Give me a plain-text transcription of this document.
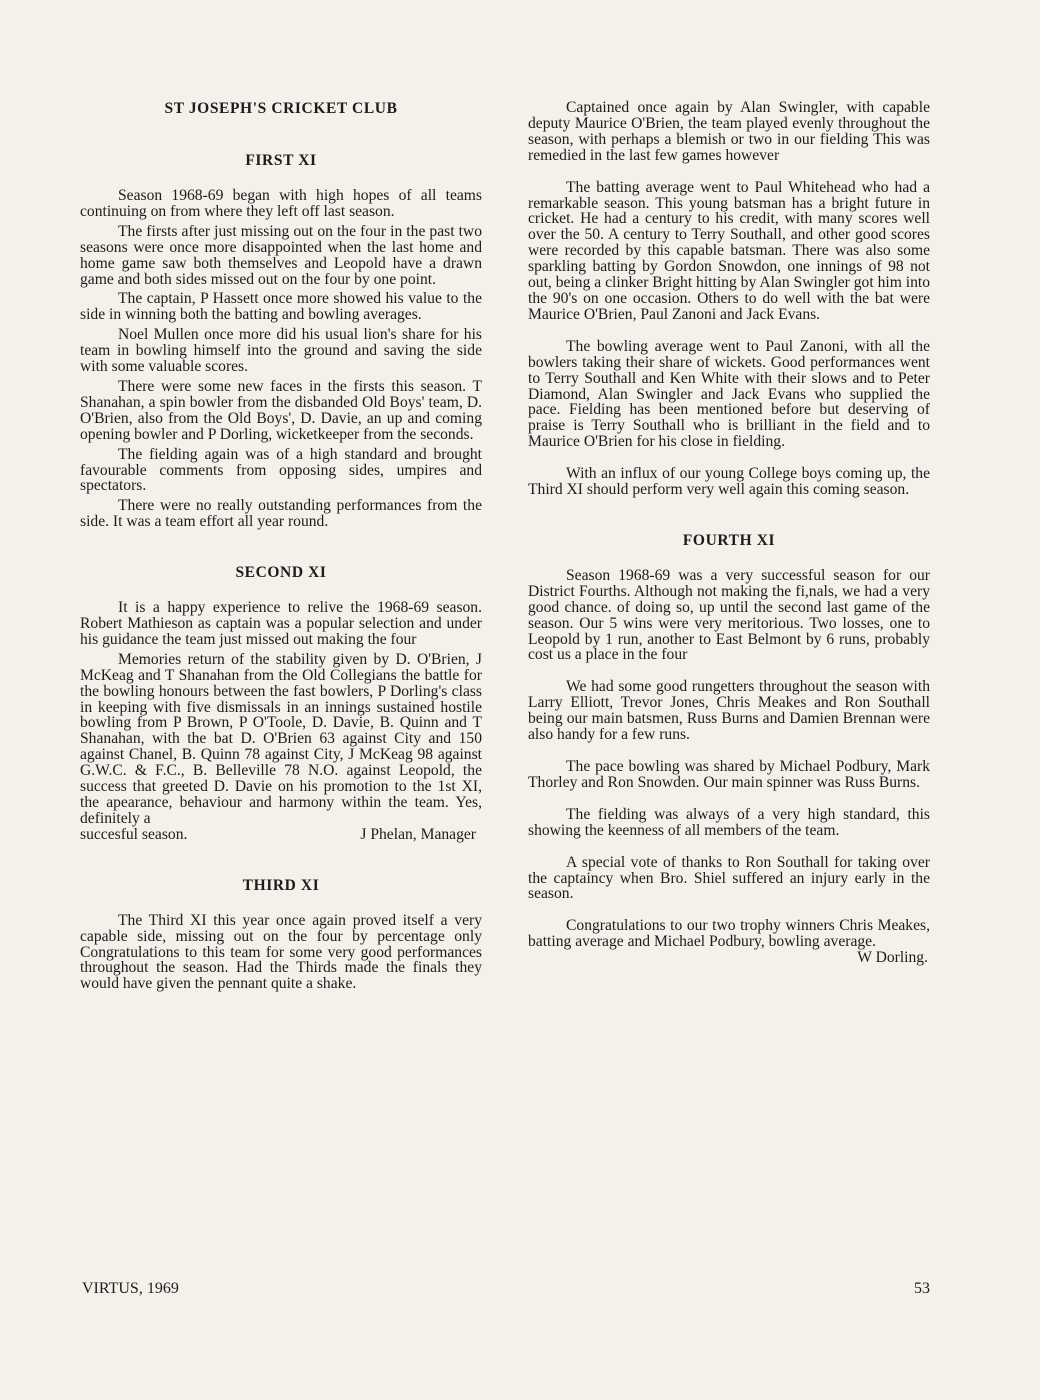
ST JOSEPH'S CRICKET CLUB
FIRST XI

Season 1968-69 began with high hopes of all teams continuing on from where they left off last season.

The firsts after just missing out on the four in the past two seasons were once more disappointed when the last home and home game saw both themselves and Leopold have a drawn game and both sides missed out on the four by one point.

The captain, P Hassett once more showed his value to the side in winning both the batting and bowling averages.

Noel Mullen once more did his usual lion's share for his team in bowling himself into the ground and saving the side with some valuable scores.

There were some new faces in the firsts this season. T Shanahan, a spin bowler from the disbanded Old Boys' team, D. O'Brien, also from the Old Boys', D. Davie, an up and coming opening bowler and P Dorling, wicketkeeper from the seconds.

The fielding again was of a high standard and brought favourable comments from opposing sides, umpires and spectators.

There were no really outstanding performances from the side. It was a team effort all year round.

SECOND XI

It is a happy experience to relive the 1968-69 season. Robert Mathieson as captain was a popular selection and under his guidance the team just missed out making the four

Memories return of the stability given by D. O'Brien, J McKeag and T Shanahan from the Old Collegians the battle for the bowling honours between the fast bowlers, P Dorling's class in keeping with five dismissals in an innings sustained hostile bowling from P Brown, P O'Toole, D. Davie, B. Quinn and T Shanahan, with the bat D. O'Brien 63 against City and 150 against Chanel, B. Quinn 78 against City, J McKeag 98 against G.W.C. & F.C., B. Belleville 78 N.O. against Leopold, the success that greeted D. Davie on his promotion to the 1st XI, the apearance, behaviour and harmony within the team. Yes, definitely a

succesful season.	J Phelan, Manager
THIRD XI

The Third XI this year once again proved itself a very capable side, missing out on the four by percentage only Congratulations to this team for some very good performances throughout the season. Had the Thirds made the finals they would have given the pennant quite a shake.

Captained once again by Alan Swingler, with capable deputy Maurice O'Brien, the team played evenly throughout the season, with perhaps a blemish or two in our fielding This was remedied in the last few games however

The batting average went to Paul Whitehead who had a remarkable season. This young batsman has a bright future in cricket. He had a century to his credit, with many scores well over the 50. A century to Terry Southall, and other good scores were recorded by this capable batsman. There was also some sparkling batting by Gordon Snowdon, one innings of 98 not out, being a clinker Bright hitting by Alan Swingler got him into the 90's on one occasion. Others to do well with the bat were Maurice O'Brien, Paul Zanoni and Jack Evans.

The bowling average went to Paul Zanoni, with all the bowlers taking their share of wickets. Good performances went to Terry Southall and Ken White with their slows and to Peter Diamond, Alan Swingler and Jack Evans who supplied the pace. Fielding has been mentioned before but deserving of praise is Terry Southall who is brilliant in the field and to Maurice O'Brien for his close in fielding.

With an influx of our young College boys coming up, the Third XI should perform very well again this coming season.

FOURTH XI

Season 1968-69 was a very successful season for our District Fourths. Although not making the fi,nals, we had a very good chance. of doing so, up until the second last game of the season. Our 5 wins were very meritorious. Two losses, one to Leopold by 1 run, another to East Belmont by 6 runs, probably cost us a place in the four

We had some good rungetters throughout the season with Larry Elliott, Trevor Jones, Chris Meakes and Ron Southall being our main batsmen, Russ Burns and Damien Brennan were also handy for a few runs.

The pace bowling was shared by Michael Podbury, Mark Thorley and Ron Snowden. Our main spinner was Russ Burns.

The fielding was always of a very high standard, this showing the keenness of all members of the team.

A special vote of thanks to Ron Southall for taking over the captaincy when Bro. Shiel suffered an injury early in the season.

Congratulations to our two trophy winners Chris Meakes, batting average and Michael Podbury, bowling average.

W Dorling.
VIRTUS, 1969	53
